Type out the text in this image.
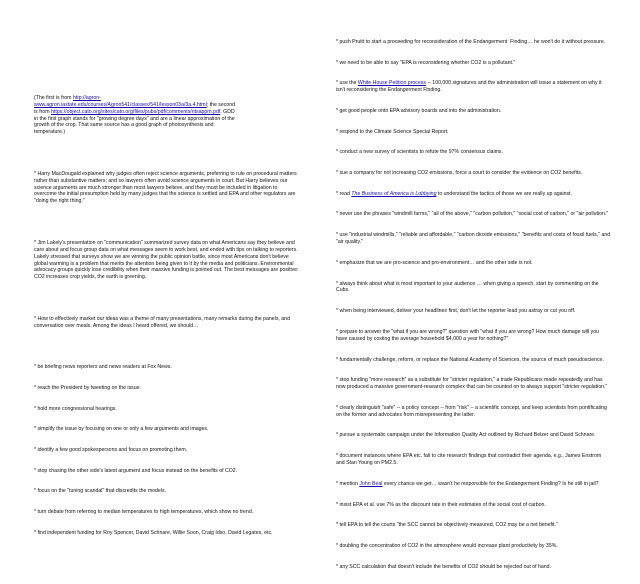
(The first is from http://agron-
www.agron.iastate.edu/courses/Agron541/classes/541/lesson03a/3a.4.html; the second
is from https://object.cato.org/sites/cato.org/files/pubs/pdf/comments/ntsappm.pdf. GDD
in the first graph stands for "growing degree days" and are a linear approximation of the
growth of the crop. That same source has a good graph of photosynthesis and
temperature.)

* Harry MacDougald explained why judges often reject science arguments, preferring to rule on procedural matters rather than substantive matters; and so lawyers often avoid science arguments in court. But Harry believes our science arguments are much stronger than most lawyers believe, and they must be included in litigation to overcome the initial presumption held by many judges that the science is settled and EPA and other regulators are "doing the right thing."

* Jim Lakely's presentation on "communication" summarized survey data on what Americans say they believe and care about and focus group data on what messages seem to work best, and ended with tips on talking to reporters.  Lakely stressed that surveys show we are winning the public opinion battle, since most Americans don't believe global warming is a problem that merits the attention being given to it by the media and politicians. Environmental advocacy groups quickly lose credibility when their massive funding is pointed out. The best messages are positive: CO2 increases crop yields, the earth is greening.

* How to effectively market our ideas was a theme of many presentations, many remarks during the panels, and conversation over meals. Among the ideas I heard offered, we should…

* be briefing news reporters and news readers at Fox News.

* reach the President by tweeting on the issue.

* hold more congressional hearings.

* simplify the issue by focusing on one or only a few arguments and images.

* identify a few good spokespersons and focus on promoting them.

* stop chasing the other side's latest argument and focus instead on the benefits of CO2.

* focus on the "tuning scandal" that discredits the models.

* turn debate from referring to median temperatures to high temperatures, which show no trend.

* find independent funding for Roy Spencer, David Schnare, Willie Soon, Craig Idso, David Legates, etc.

* push Pruitt to start a proceeding for reconsideration of the Endangerment  Finding… he won't do it without pressure.

* we need to be able to say "EPA is reconsidering whether CO2 is a pollutant."

* use the White House Petition process -- 100,000 signatures and the administration will issue a statement on why it isn't reconsidering the Endangerment Finding.

* get good people onto EPA advisory boards and into the administration.

* respond to the Climate Science Special Report.

* conduct a new survey of scientists to refute the 97% consensus claims.

* sue a company for not increasing CO2 emissions, force a court to consider the evidence on CO2 benefits.

* read The Business of America is Lobbying to understand the tactics of those we are really up against.

* never use the phrases "windmill farms," "all of the above," "carbon pollution," "social cost of carbon," or "air pollution."

* use "industrial windmills," "reliable and affordable," "carbon dioxide emissions," "benefits and costs of fossil fuels," and "air quality."

* emphasize that we are pro-science and pro-environment… and the other side is not.

* always think about what is most important to your audience … when giving a speech, start by commenting on the Cubs.

* when being interviewed, deliver your headlines first, don't let the reporter lead you astray or cut you off.

* prepare to answer the "what if you are wrong?" question with "what if you are wrong? How much damage will you have caused by costing the average household $4,000 a year for nothing?"

* fundamentally challenge, reform, or replace the National Academy of Sciences, the source of much pseudoscience.

* stop funding "more research" as a substitute for "stricter regulation," a trade Republicans made repeatedly and has now produced a massive government-research complex that can be counted on to always support "stricter regulation."

* clearly distinguish "safe" -- a policy concept -- from "risk" -- a scientific concept, and keep scientists from pontificating on the former and advocates from misrepresenting the latter.

* pursue a systematic campaign under the Information Quality Act outlined by Richard Belzer and David Schnare.

* document instances where EPA etc. fail to cite research findings that contradict their agenda, e.g., James Enstrom and Stan Young on PM2.5.

* mention John Beal every chance we get… wasn't he responsible for the Endangerment Finding? Is he still in jail?

* insist EPA et al. use 7% as the discount rate in their estimates of the social cost of carbon.

* tell EPA to tell the courts "the SCC cannot be objectively measured, CO2 may be a net benefit."

* doubling the concentration of CO2 in the atmosphere would increase plant productivity by 35%.

* any SCC calculation that doesn't include the benefits of CO2 should be rejected out of hand.
